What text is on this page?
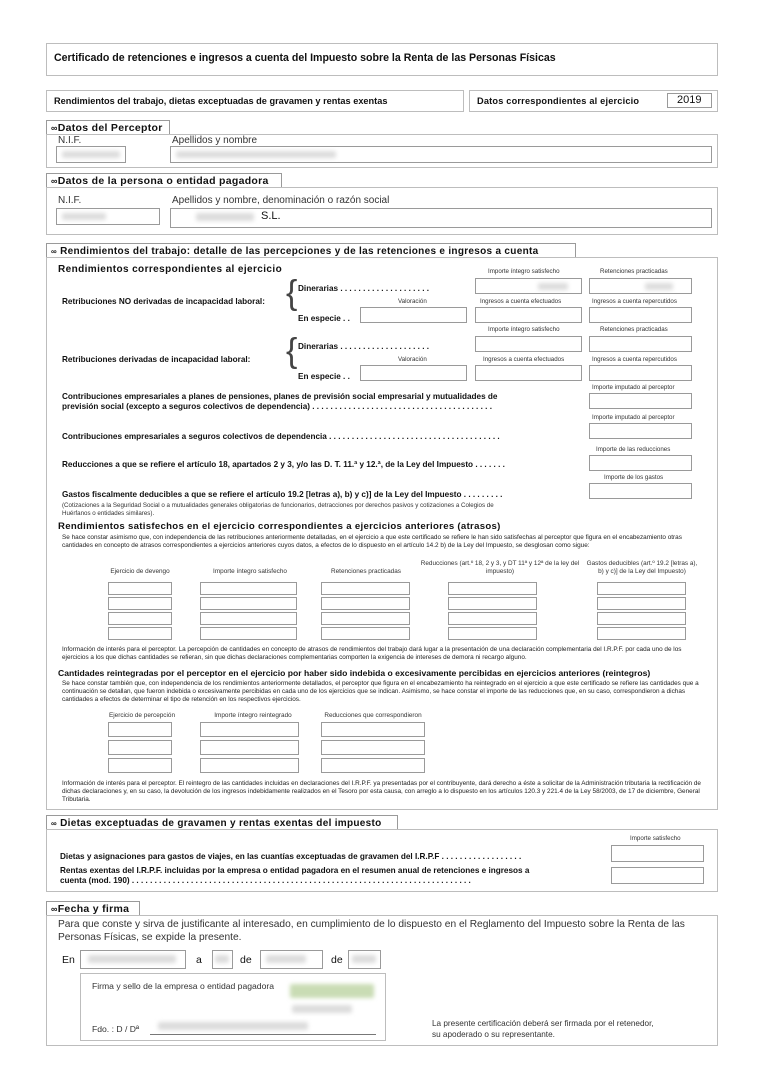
Certificado de retenciones e ingresos a cuenta del Impuesto sobre la Renta de las Personas Físicas
Rendimientos del trabajo, dietas exceptuadas de gravamen y rentas exentas	Datos correspondientes al ejercicio	2019
∞Datos del Perceptor
N.I.F.	Apellidos y nombre
∞Datos de la persona o entidad pagadora
N.I.F.	Apellidos y nombre, denominación o razón social
S.L.
∞ Rendimientos del trabajo: detalle de las percepciones y de las retenciones e ingresos a cuenta
Rendimientos correspondientes al ejercicio	Importe íntegro satisfecho	Retenciones practicadas
Retribuciones NO derivadas de incapacidad laboral: { Dinerarias . . . . . . . . . . . . . . . . . . . .
Valoración	Ingresos a cuenta efectuados	Ingresos a cuenta repercutidos
En especie . .
Importe íntegro satisfecho	Retenciones practicadas
Retribuciones derivadas de incapacidad laboral: { Dinerarias . . . . . . . . . . . . . . . . . . . .
Valoración	Ingresos a cuenta efectuados	Ingresos a cuenta repercutidos
En especie . .
Importe imputado al perceptor
Contribuciones empresariales a planes de pensiones, planes de previsión social empresarial y mutualidades de
previsión social (excepto a seguros colectivos de dependencia) . . . . . . . . . . . . . . . . . . . . . . . . . . . . . . . . . . . . . . . .
Importe imputado al perceptor
Contribuciones empresariales a seguros colectivos de dependencia . . . . . . . . . . . . . . . . . . . . . . . . . . . . . . . . . . . . . .
Importe de las reducciones
Reducciones a que se refiere el artículo 18, apartados 2 y 3, y/o las D. T. 11.ª y 12.ª, de la Ley del Impuesto . . . . . . .
Importe de los gastos
Gastos fiscalmente deducibles a que se refiere el artículo 19.2 [letras a), b) y c)] de la Ley del Impuesto . . . . . . . . .
(Cotizaciones a la Seguridad Social o a mutualidades generales obligatorias de funcionarios, detracciones por derechos pasivos y cotizaciones a Colegios de
Huérfanos o entidades similares).
Rendimientos satisfechos en el ejercicio correspondientes a ejercicios anteriores (atrasos)
Se hace constar asimismo que, con independencia de las retribuciones anteriormente detalladas, en el ejercicio a que este certificado se refiere le han sido satisfechas al perceptor que figura en el encabezamiento otras cantidades en concepto de atrasos correspondientes a ejercicios anteriores cuyos datos, a efectos de lo dispuesto en el artículo 14.2 b) de la Ley del Impuesto, se desglosan como sigue:
Ejercicio de devengo	Importe íntegro satisfecho	Retenciones practicadas
Reducciones (art.º 18, 2 y 3, y DT 11ª y 12ª de la ley del impuesto)
Gastos deducibles (art.º 19.2 [letras a), b) y c)] de la Ley del Impuesto)
Información de interés para el perceptor. La percepción de cantidades en concepto de atrasos de rendimientos del trabajo dará lugar a la presentación de una declaración complementaria del I.R.P.F. por cada uno de los ejercicios a los que dichas cantidades se refieran, sin que dichas declaraciones complementarias comporten la exigencia de intereses de demora ni recargo alguno.
Cantidades reintegradas por el perceptor en el ejercicio por haber sido indebida o excesivamente percibidas en ejercicios anteriores (reintegros)
Se hace constar también que, con independencia de los rendimientos anteriormente detallados, el perceptor que figura en el encabezamiento ha reintegrado en el ejercicio a que este certificado se refiere las cantidades que a continuación se detallan, que fueron indebida o excesivamente percibidas en cada uno de los ejercicios que se indican. Asimismo, se hace constar el importe de las reducciones que, en su caso, correspondieron a dichas cantidades a efectos de determinar el tipo de retención en los respectivos ejercicios.
Ejercicio de percepción	Importe íntegro reintegrado	Reducciones que correspondieron
Información de interés para el perceptor. El reintegro de las cantidades incluidas en declaraciones del I.R.P.F. ya presentadas por el contribuyente, dará derecho a éste a solicitar de la Administración tributaria la rectificación de dichas declaraciones y, en su caso, la devolución de los ingresos indebidamente realizados en el Tesoro por esta causa, con arreglo a lo dispuesto en los artículos 120.3 y 221.4 de la Ley 58/2003, de 17 de diciembre, General Tributaria.
∞ Dietas exceptuadas de gravamen y rentas exentas del impuesto
Importe satisfecho
Dietas y asignaciones para gastos de viajes, en las cuantías exceptuadas de gravamen del I.R.P.F . . . . . . . . . . . . . . . . . .
Rentas exentas del I.R.P.F. incluidas por la empresa o entidad pagadora en el resumen anual de retenciones e ingresos a
cuenta (mod. 190) . . . . . . . . . . . . . . . . . . . . . . . . . . . . . . . . . . . . . . . . . . . . . . . . . . . . . . . . . . . . . . . . . . . . . . . . . . .
∞Fecha y firma
Para que conste y sirva de justificante al interesado, en cumplimiento de lo dispuesto en el Reglamento del Impuesto sobre la Renta de las
Personas Físicas, se expide la presente.
En	a	de	de
Firma y sello de la empresa o entidad pagadora
Fdo. : D / Dª
La presente certificación deberá ser firmada por el retenedor,
su apoderado o su representante.
